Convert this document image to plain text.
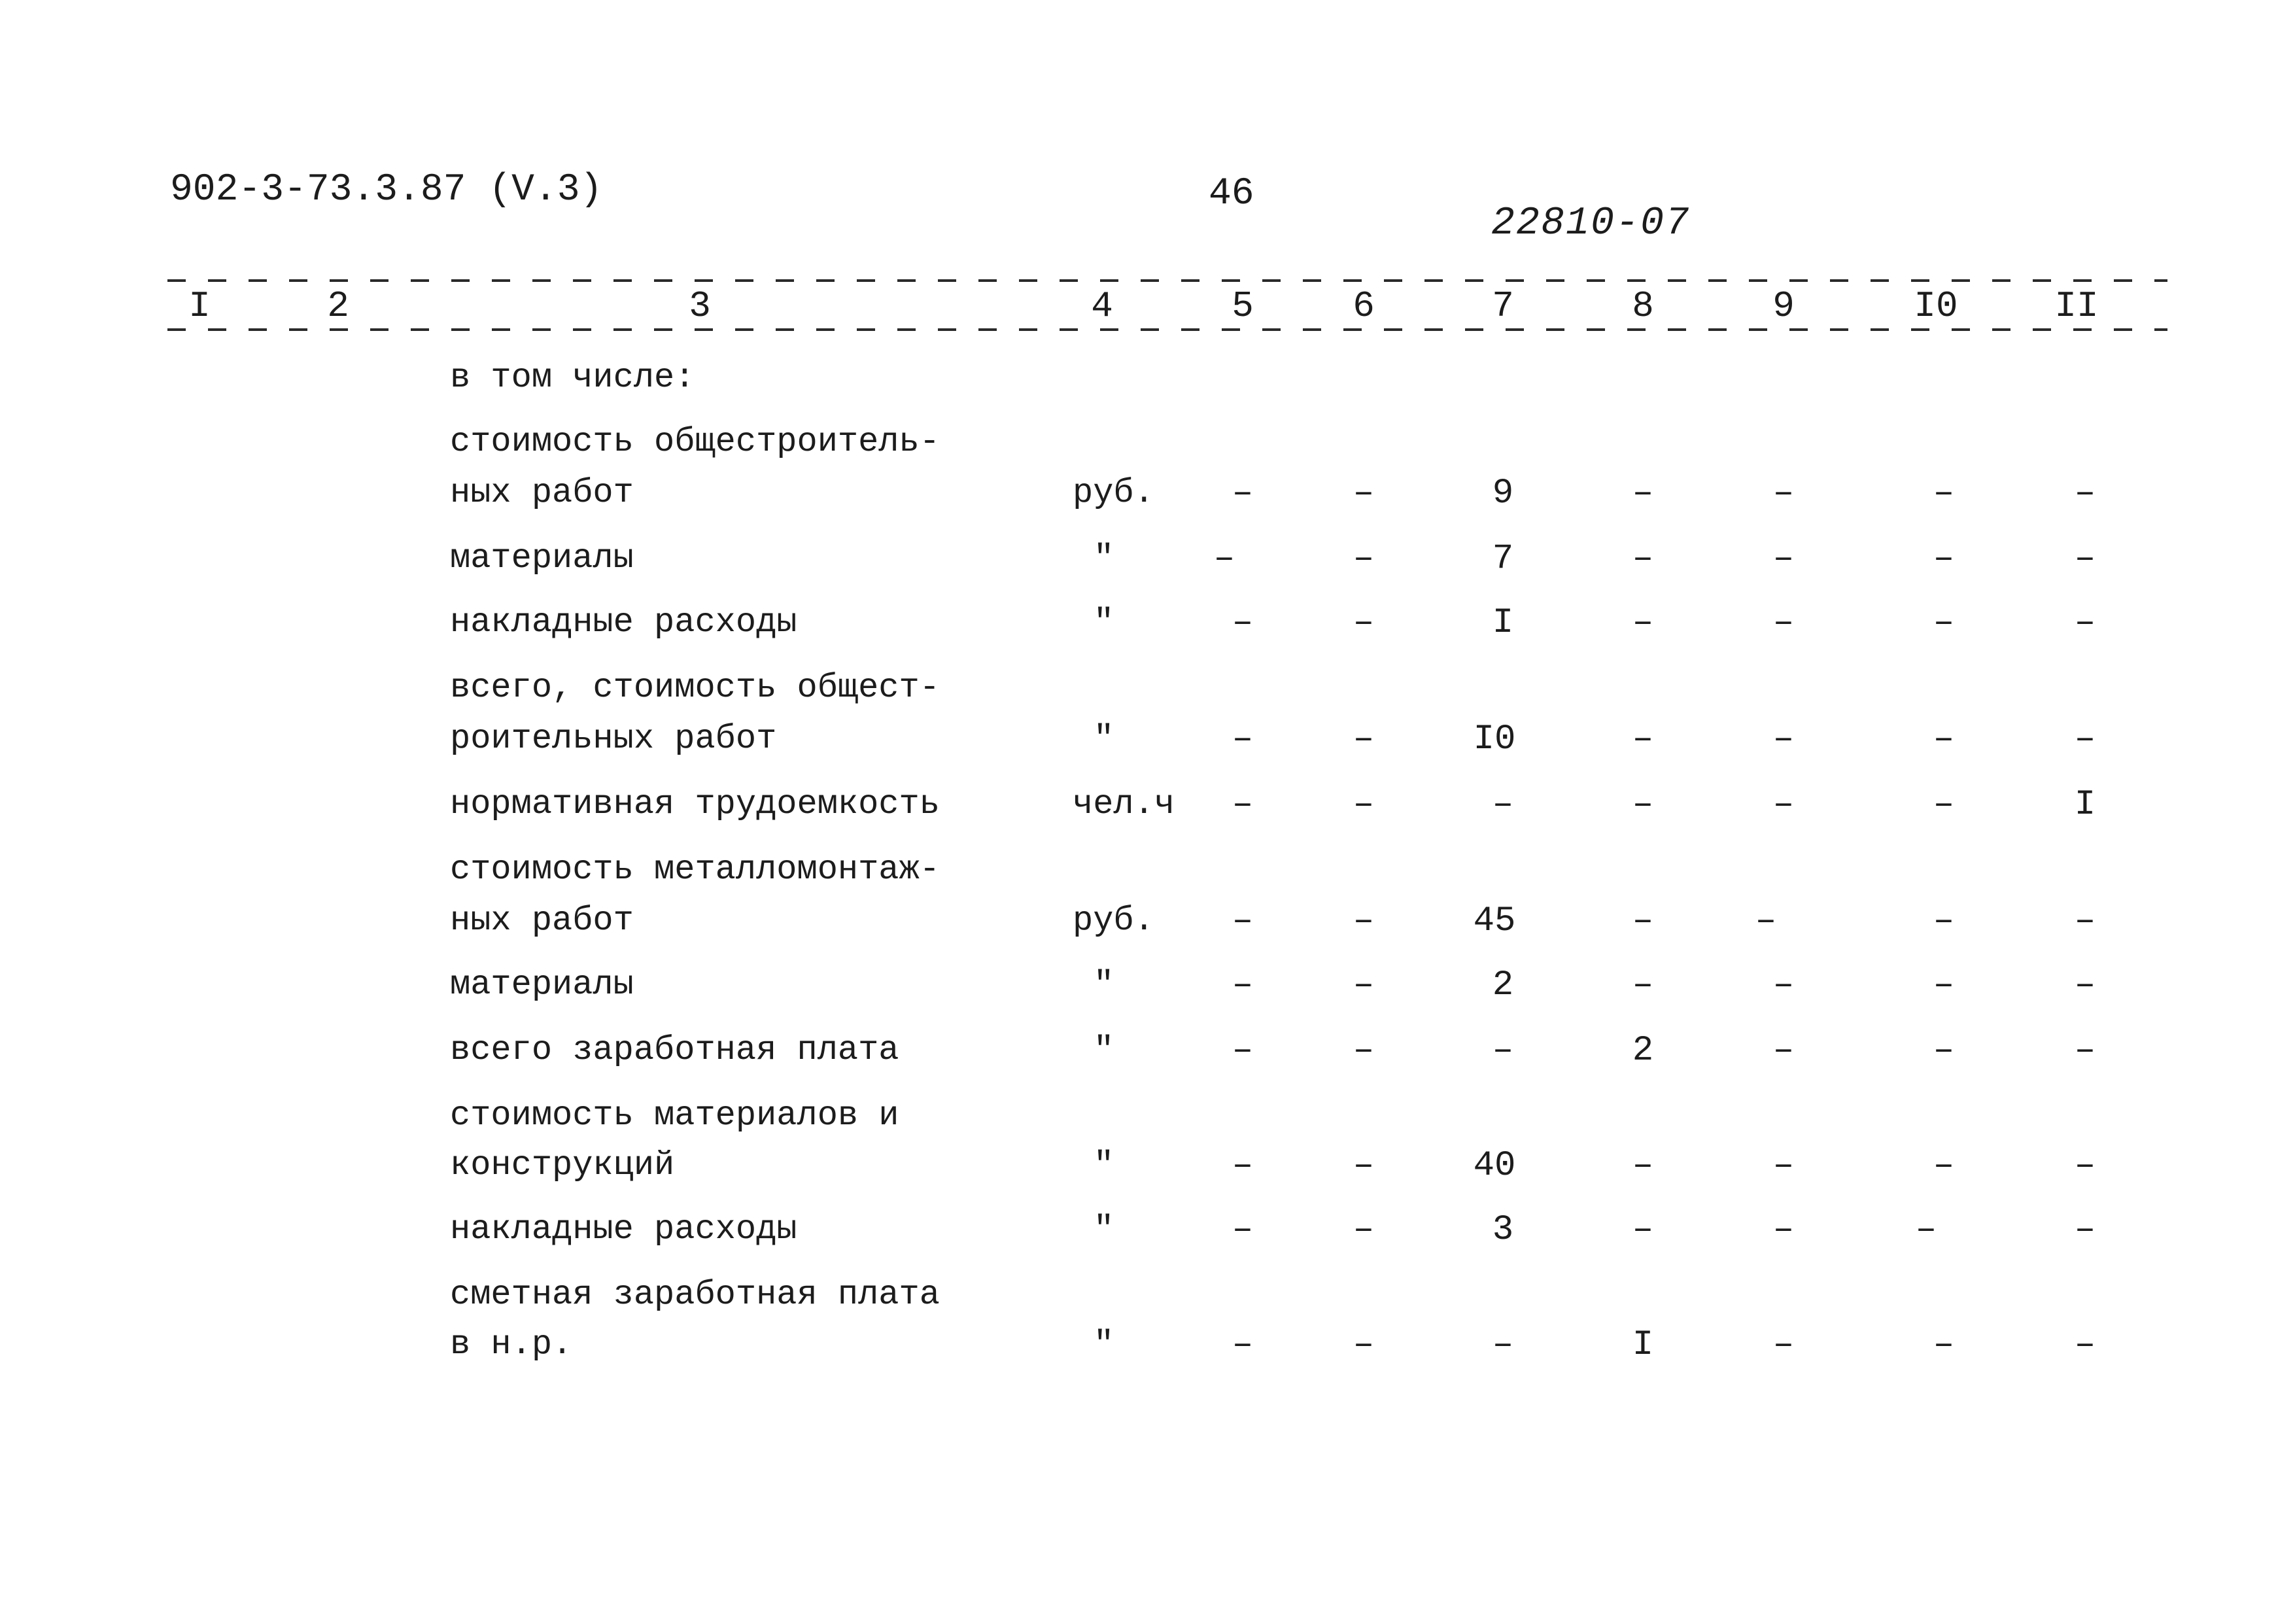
902-3-73.3.87 (V.3)	46
22810-07
I	2	3	4	5	6	7	8	9	I0	II
в том числе:
стоимость общестроитель-
ных работ	руб. –	–	9	–	–	–	–
материалы	"	–	–	7	–	–	–	–
накладные расходы	"	–	–	I	–	–	–	–
всего, стоимость общест-
роительных работ	"	–	–	I0	–	–	–	–
нормативная трудоемкость	чел.ч –	–	–	–	–	–	I
стоимость металломонтаж-
ных работ	руб. –	–	45	–	–	–	–
материалы	"	–	–	2	–	–	–	–
всего заработная плата	"	–	–	–	2	–	–	–
стоимость материалов и
конструкций	"	–	–	40	–	–	–	–
накладные расходы	"	–	–	3	–	–	–	–
сметная заработная плата
в н.р.	"	–	–	–	I	–	–	–
